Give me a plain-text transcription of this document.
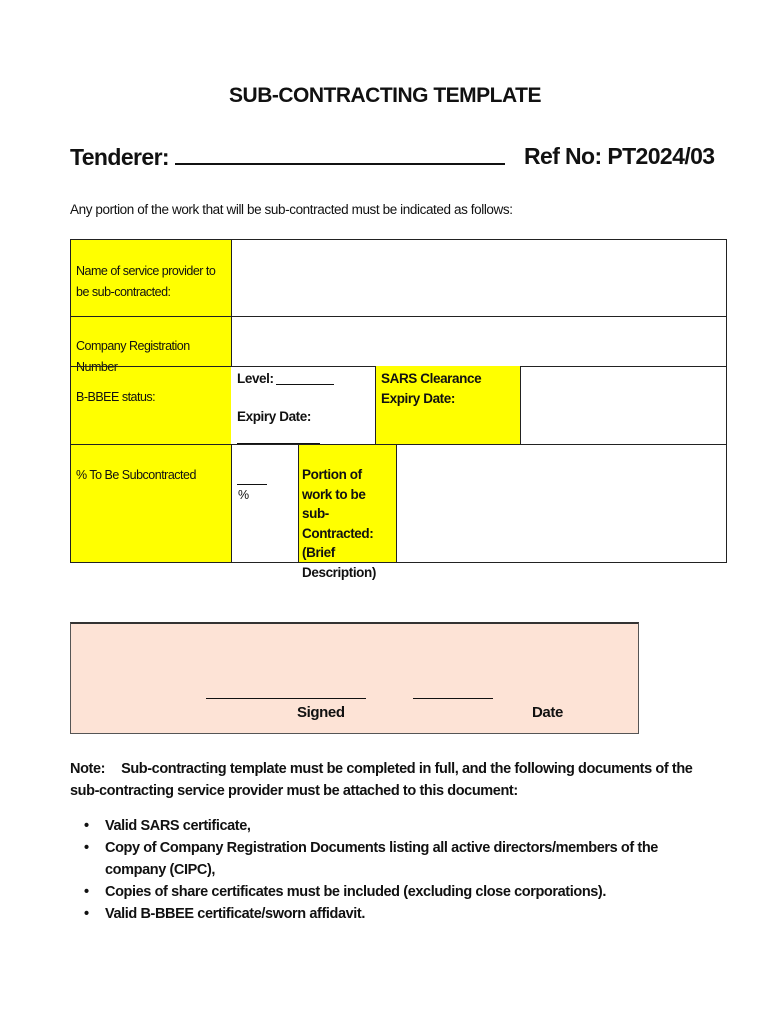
SUB-CONTRACTING TEMPLATE
Tenderer:	Ref No: PT2024/03
Any portion of the work that will be sub-contracted must be indicated as follows:
Name of service provider to be sub-contracted:
Company Registration Number
B-BBEE status:
Level:
Expiry Date:
SARS Clearance Expiry Date:
% To Be Subcontracted
%
Portion of work to be sub-Contracted: (Brief Description)
Signed	Date
Note: Sub-contracting template must be completed in full, and the following documents of the sub-contracting service provider must be attached to this document:
• Valid SARS certificate,
• Copy of Company Registration Documents listing all active directors/members of the company (CIPC),
• Copies of share certificates must be included (excluding close corporations).
• Valid B-BBEE certificate/sworn affidavit.
